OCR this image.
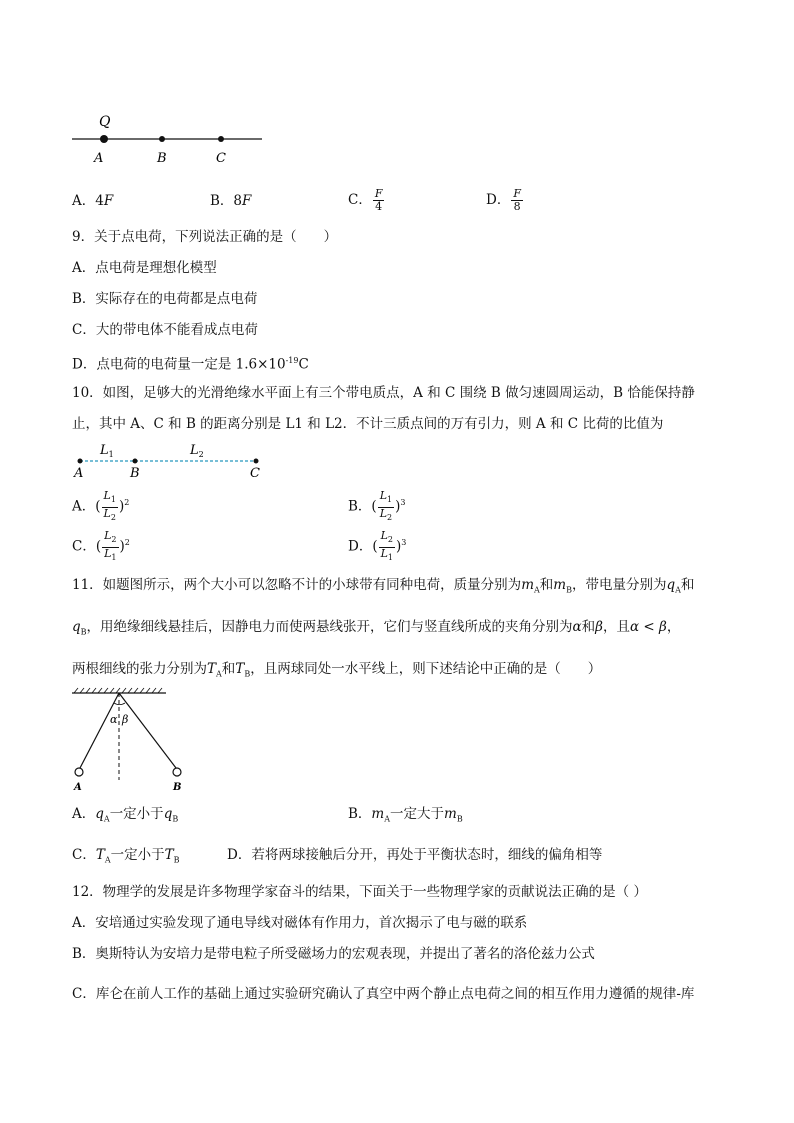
Q
A	B	C
A．4F	B．8F	C． $\frac{F}{4}$	D． $\frac{F}{8}$
9．关于点电荷，下列说法正确的是（　　）
A．点电荷是理想化模型
B．实际存在的电荷都是点电荷
C．大的带电体不能看成点电荷
D．点电荷的电荷量一定是 $1.6\times 10^{-19}C$
10．如图，足够大的光滑绝缘水平面上有三个带电质点，A 和 C 围绕 B 做匀速圆周运动，B 恰能保持静
止，其中 A、C 和 B 的距离分别是 L1 和 L2．不计三质点间的万有引力，则 A 和 C 比荷的比值为
$L_1$	$L_2$
A	B	C
A．( $\frac{L_1}{L_2} )^2$	B．( $\frac{L_1}{L_2} )^3$
C．( $\frac{L_2}{L_1} )^2$	D．( $\frac{L_2}{L_1} )^3$
11．如题图所示，两个大小可以忽略不计的小球带有同种电荷，质量分别为$m_A$和$m_B$，带电量分别为$q_A$和
$q_B$，用绝缘细线悬挂后，因静电力而使两悬线张开，它们与竖直线所成的夹角分别为α和β，且α < β，
两根细线的张力分别为$T_A$和$T_B$，且两球同处一水平线上，则下述结论中正确的是（　　）
α β
A	B
A．$q_A$一定小于$q_B$	B．$m_A$一定大于$m_B$
C．$T_A$一定小于$T_B$	D．若将两球接触后分开，再处于平衡状态时，细线的偏角相等
12．物理学的发展是许多物理学家奋斗的结果，下面关于一些物理学家的贡献说法正确的是（ ）
A．安培通过实验发现了通电导线对磁体有作用力，首次揭示了电与磁的联系
B．奥斯特认为安培力是带电粒子所受磁场力的宏观表现，并提出了著名的洛伦兹力公式
C．库仑在前人工作的基础上通过实验研究确认了真空中两个静止点电荷之间的相互作用力遵循的规律-库
